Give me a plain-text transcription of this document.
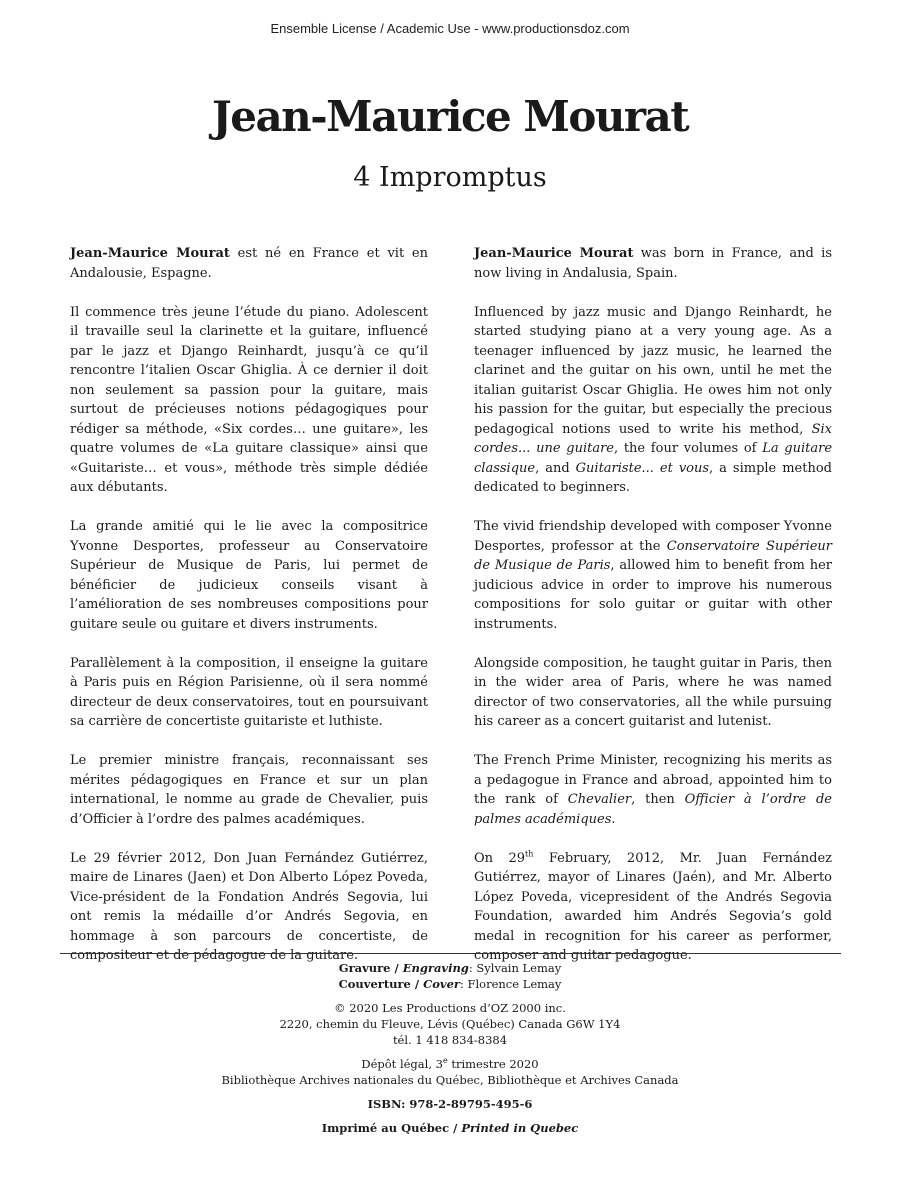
Ensemble License / Academic Use - www.productionsdoz.com
Jean-Maurice Mourat
4 Impromptus

Jean-Maurice Mourat est né en France et vit en Andalousie, Espagne.

Il commence très jeune l’étude du piano. Adolescent il travaille seul la clarinette et la guitare, influencé par le jazz et Django Reinhardt, jusqu’à ce qu’il rencontre l’italien Oscar Ghiglia. À ce dernier il doit non seulement sa passion pour la guitare, mais surtout de précieuses notions pédagogiques pour rédiger sa méthode, «Six cordes… une guitare», les quatre volumes de «La guitare classique» ainsi que «Guitariste… et vous», méthode très simple dédiée aux débutants.

La grande amitié qui le lie avec la compositrice Yvonne Desportes, professeur au Conservatoire Supérieur de Musique de Paris, lui permet de bénéficier de judicieux conseils visant à l’amélioration de ses nombreuses compositions pour guitare seule ou guitare et divers instruments.

Parallèlement à la composition, il enseigne la guitare à Paris puis en Région Parisienne, où il sera nommé directeur de deux conservatoires, tout en poursuivant sa carrière de concertiste guitariste et luthiste.

Le premier ministre français, reconnaissant ses mérites pédagogiques en France et sur un plan international, le nomme au grade de Chevalier, puis d’Officier à l’ordre des palmes académiques.

Le 29 février 2012, Don Juan Fernández Gutiérrez, maire de Linares (Jaen) et Don Alberto López Poveda, Vice-président de la Fondation Andrés Segovia, lui ont remis la médaille d’or Andrés Segovia, en hommage à son parcours de concertiste, de compositeur et de pédagogue de la guitare.

Jean-Maurice Mourat was born in France, and is now living in Andalusia, Spain.

Influenced by jazz music and Django Reinhardt, he started studying piano at a very young age. As a teenager influenced by jazz music, he learned the clarinet and the guitar on his own, until he met the italian guitarist Oscar Ghiglia. He owes him not only his passion for the guitar, but especially the precious pedagogical notions used to write his method, Six cordes... une guitare, the four volumes of La guitare classique, and Guitariste... et vous, a simple method dedicated to beginners.

The vivid friendship developed with composer Yvonne Desportes, professor at the Conservatoire Supérieur de Musique de Paris, allowed him to benefit from her judicious advice in order to improve his numerous compositions for solo guitar or guitar with other instruments.

Alongside composition, he taught guitar in Paris, then in the wider area of Paris, where he was named director of two conservatories, all the while pursuing his career as a concert guitarist and lutenist.

The French Prime Minister, recognizing his merits as a pedagogue in France and abroad, appointed him to the rank of Chevalier, then Officier à l’ordre de palmes académiques.

On 29th February, 2012, Mr. Juan Fernández Gutiérrez, mayor of Linares (Jaén), and Mr. Alberto López Poveda, vicepresident of the Andrés Segovia Foundation, awarded him Andrés Segovia’s gold medal in recognition for his career as performer, composer and guitar pedagogue.

Gravure / Engraving: Sylvain Lemay
Couverture / Cover: Florence Lemay
© 2020 Les Productions d’OZ 2000 inc.
2220, chemin du Fleuve, Lévis (Québec) Canada G6W 1Y4
tél. 1 418 834-8384
Dépôt légal, 3e trimestre 2020
Bibliothèque Archives nationales du Québec, Bibliothèque et Archives Canada
ISBN: 978-2-89795-495-6
Imprimé au Québec / Printed in Quebec
